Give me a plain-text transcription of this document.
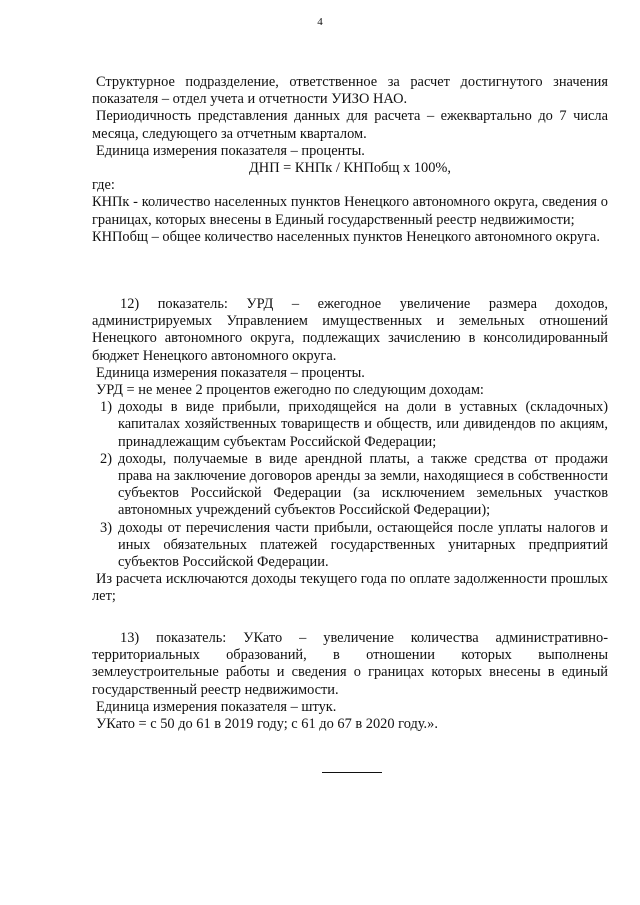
4

Структурное подразделение, ответственное за расчет достигнутого значения показателя – отдел учета и отчетности УИЗО НАО.

Периодичность представления данных для расчета – ежеквартально до 7 числа месяца, следующего за отчетным кварталом.

Единица измерения показателя – проценты.

ДНП = КНПк / КНПобщ х 100%,

где:

КНПк - количество населенных пунктов Ненецкого автономного округа, сведения о границах, которых внесены в Единый государственный реестр недвижимости;

КНПобщ – общее количество населенных пунктов Ненецкого автономного округа.

12) показатель: УРД – ежегодное увеличение размера доходов, администрируемых Управлением имущественных и земельных отношений Ненецкого автономного округа, подлежащих зачислению в консолидированный бюджет Ненецкого автономного округа.

Единица измерения показателя – проценты.

УРД = не менее 2 процентов ежегодно по следующим доходам:

1) доходы в виде прибыли, приходящейся на доли в уставных (складочных) капиталах хозяйственных товариществ и обществ, или дивидендов по акциям, принадлежащим субъектам Российской Федерации;
2) доходы, получаемые в виде арендной платы, а также средства от продажи права на заключение договоров аренды за земли, находящиеся в собственности субъектов Российской Федерации (за исключением земельных участков автономных учреждений субъектов Российской Федерации);
3) доходы от перечисления части прибыли, остающейся после уплаты налогов и иных обязательных платежей государственных унитарных предприятий субъектов Российской Федерации.

Из расчета исключаются доходы текущего года по оплате задолженности прошлых лет;

13) показатель: УКато – увеличение количества административно-территориальных образований, в отношении которых выполнены землеустроительные работы и сведения о границах которых внесены в единый государственный реестр недвижимости.

Единица измерения показателя – штук.

УКато = с 50 до 61 в 2019 году; с 61 до 67 в 2020 году.».
